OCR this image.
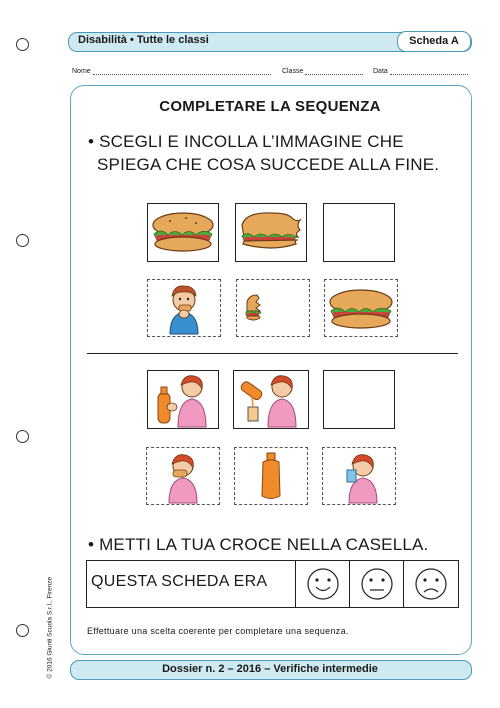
Disabilità • Tutte le classi	Scheda A
Nome	Classe	Data
COMPLETARE LA SEQUENZA
• SCEGLI E INCOLLA L’IMMAGINE CHE
SPIEGA CHE COSA SUCCEDE ALLA FINE.
• METTI LA TUA CROCE NELLA CASELLA.
QUESTA SCHEDA ERA
Effettuare una scelta coerente per completare una sequenza.
Dossier n. 2 – 2016 – Verifiche intermedie
© 2016 Giunti Scuola S.r.l., Firenze
